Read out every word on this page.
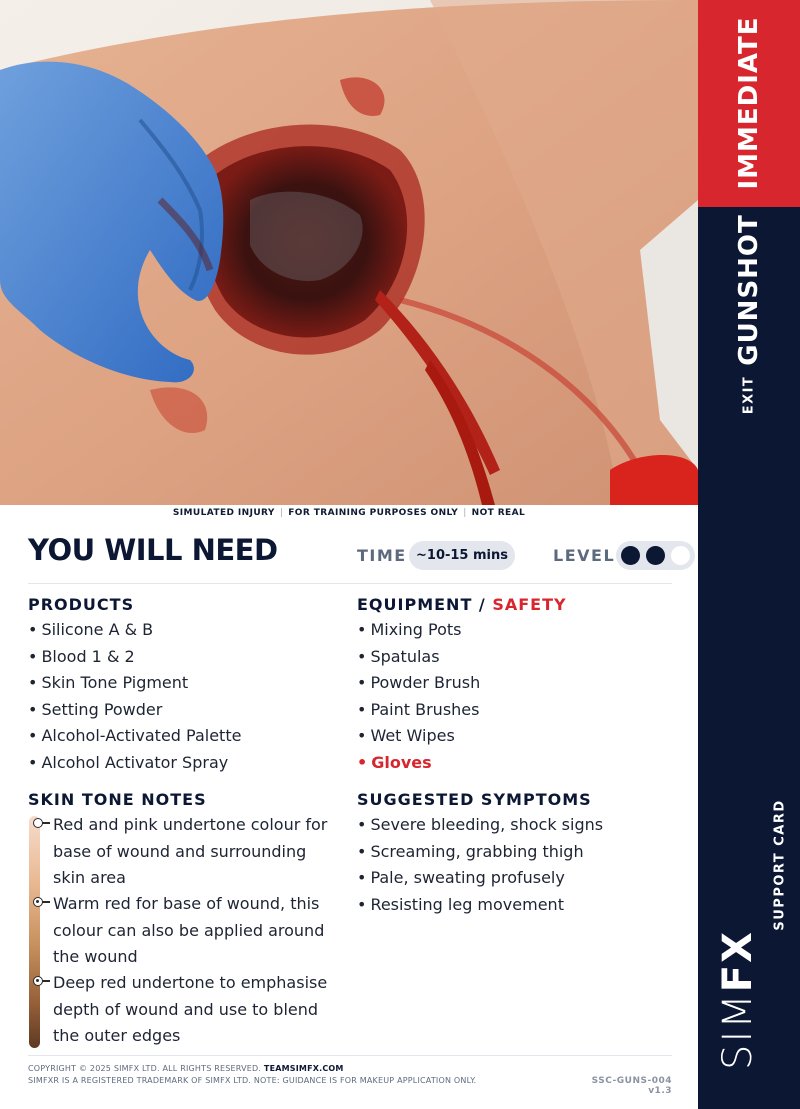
IMMEDIATE
GUNSHOT
EXIT
SUPPORT CARD
SIMFX
SIMULATED INJURY | FOR TRAINING PURPOSES ONLY | NOT REAL
YOU WILL NEED	TIME ~10-15 mins	LEVEL
PRODUCTS
• Silicone A & B
• Blood 1 & 2
• Skin Tone Pigment
• Setting Powder
• Alcohol-Activated Palette
• Alcohol Activator Spray
EQUIPMENT / SAFETY
• Mixing Pots
• Spatulas
• Powder Brush
• Paint Brushes
• Wet Wipes
• Gloves
SKIN TONE NOTES
Red and pink undertone colour for base of wound and surrounding skin area
Warm red for base of wound, this colour can also be applied around the wound
Deep red undertone to emphasise depth of wound and use to blend the outer edges
SUGGESTED SYMPTOMS
• Severe bleeding, shock signs
• Screaming, grabbing thigh
• Pale, sweating profusely
• Resisting leg movement
COPYRIGHT © 2025 SIMFX LTD. ALL RIGHTS RESERVED. TEAMSIMFX.COM
SIMFXR IS A REGISTERED TRADEMARK OF SIMFX LTD. NOTE: GUIDANCE IS FOR MAKEUP APPLICATION ONLY.	SSC-GUNS-004 v1.3
